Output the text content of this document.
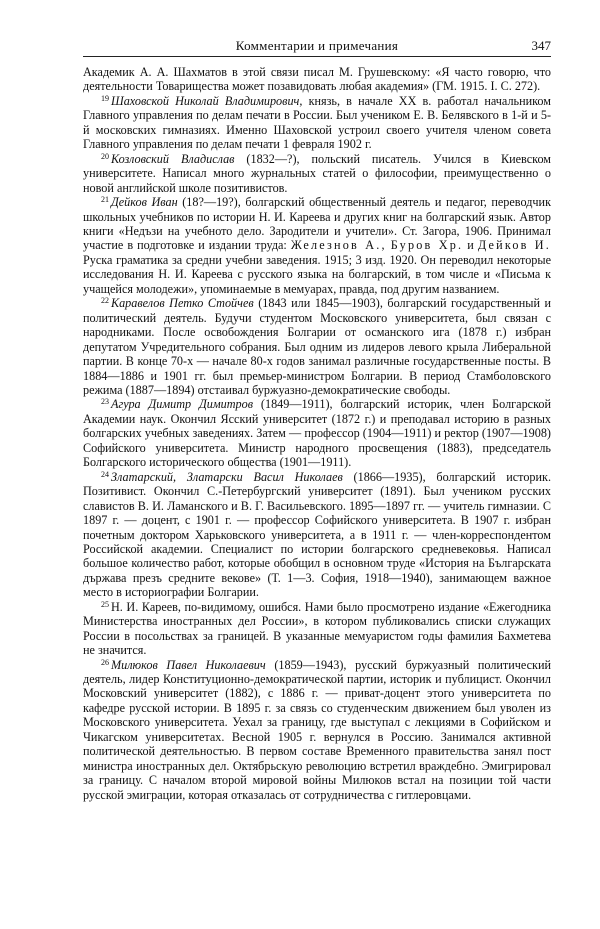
Комментарии и примечания	347

Академик А. А. Шахматов в этой связи писал М. Грушевскому: «Я часто говорю, что деятельности Товарищества может позавидовать любая академия» (ГМ. 1915. I. С. 272).

$^{19}$ Шаховской Николай Владимирович, князь, в начале XX в. работал начальником Главного управления по делам печати в России. Был учеником Е. В. Белявского в 1-й и 5-й московских гимназиях. Именно Шаховской устроил своего учителя членом совета Главного управления по делам печати 1 февраля 1902 г.

$^{20}$ Козловский Владислав (1832—?), польский писатель. Учился в Киевском университете. Написал много журнальных статей о философии, преимущественно о новой английской школе позитивистов.

$^{21}$ Дейков Иван (18?—19?), болгарский общественный деятель и педагог, переводчик школьных учебников по истории Н. И. Кареева и других книг на болгарский язык. Автор книги «Недъзи на учебното дело. Зародители и учители». Ст. Загора, 1906. Принимал участие в подготовке и издании труда: Железнов А., Буров Хр. и Дейков И. Руска граматика за средни учебни заведения. 1915; 3 изд. 1920. Он переводил некоторые исследования Н. И. Кареева с русского языка на болгарский, в том числе и «Письма к учащейся молодежи», упоминаемые в мемуарах, правда, под другим названием.

$^{22}$ Каравелов Петко Стойчев (1843 или 1845—1903), болгарский государственный и политический деятель. Будучи студентом Московского университета, был связан с народниками. После освобождения Болгарии от османского ига (1878 г.) избран депутатом Учредительного собрания. Был одним из лидеров левого крыла Либеральной партии. В конце 70-х — начале 80-х годов занимал различные государственные посты. В 1884—1886 и 1901 гг. был премьер-министром Болгарии. В период Стамболовского режима (1887—1894) отстаивал буржуазно-демократические свободы.

$^{23}$ Агура Димитр Димитров (1849—1911), болгарский историк, член Болгарской Академии наук. Окончил Ясский университет (1872 г.) и преподавал историю в разных болгарских учебных заведениях. Затем — профессор (1904—1911) и ректор (1907—1908) Софийского университета. Министр народного просвещения (1883), председатель Болгарского исторического общества (1901—1911).

$^{24}$ Златарский, Златарски Васил Николаев (1866—1935), болгарский историк. Позитивист. Окончил С.-Петербургский университет (1891). Был учеником русских славистов В. И. Ламанского и В. Г. Васильевского. 1895—1897 гг. — учитель гимназии. С 1897 г. — доцент, с 1901 г. — профессор Софийского университета. В 1907 г. избран почетным доктором Харьковского университета, а в 1911 г. — член-корреспондентом Российской академии. Специалист по истории болгарского средневековья. Написал большое количество работ, которые обобщил в основном труде «История на Българската държава презъ средните векове» (Т. 1—3. София, 1918—1940), занимающем важное место в историографии Болгарии.

$^{25}$ Н. И. Кареев, по-видимому, ошибся. Нами было просмотрено издание «Ежегодника Министерства иностранных дел России», в котором публиковались списки служащих России в посольствах за границей. В указанные мемуаристом годы фамилия Бахметева не значится.

$^{26}$ Милюков Павел Николаевич (1859—1943), русский буржуазный политический деятель, лидер Конституционно-демократической партии, историк и публицист. Окончил Московский университет (1882), с 1886 г. — приват-доцент этого университета по кафедре русской истории. В 1895 г. за связь со студенческим движением был уволен из Московского университета. Уехал за границу, где выступал с лекциями в Софийском и Чикагском университетах. Весной 1905 г. вернулся в Россию. Занимался активной политической деятельностью. В первом составе Временного правительства занял пост министра иностранных дел. Октябрьскую революцию встретил враждебно. Эмигрировал за границу. С началом второй мировой войны Милюков встал на позиции той части русской эмиграции, которая отказалась от сотрудничества с гитлеровцами.
